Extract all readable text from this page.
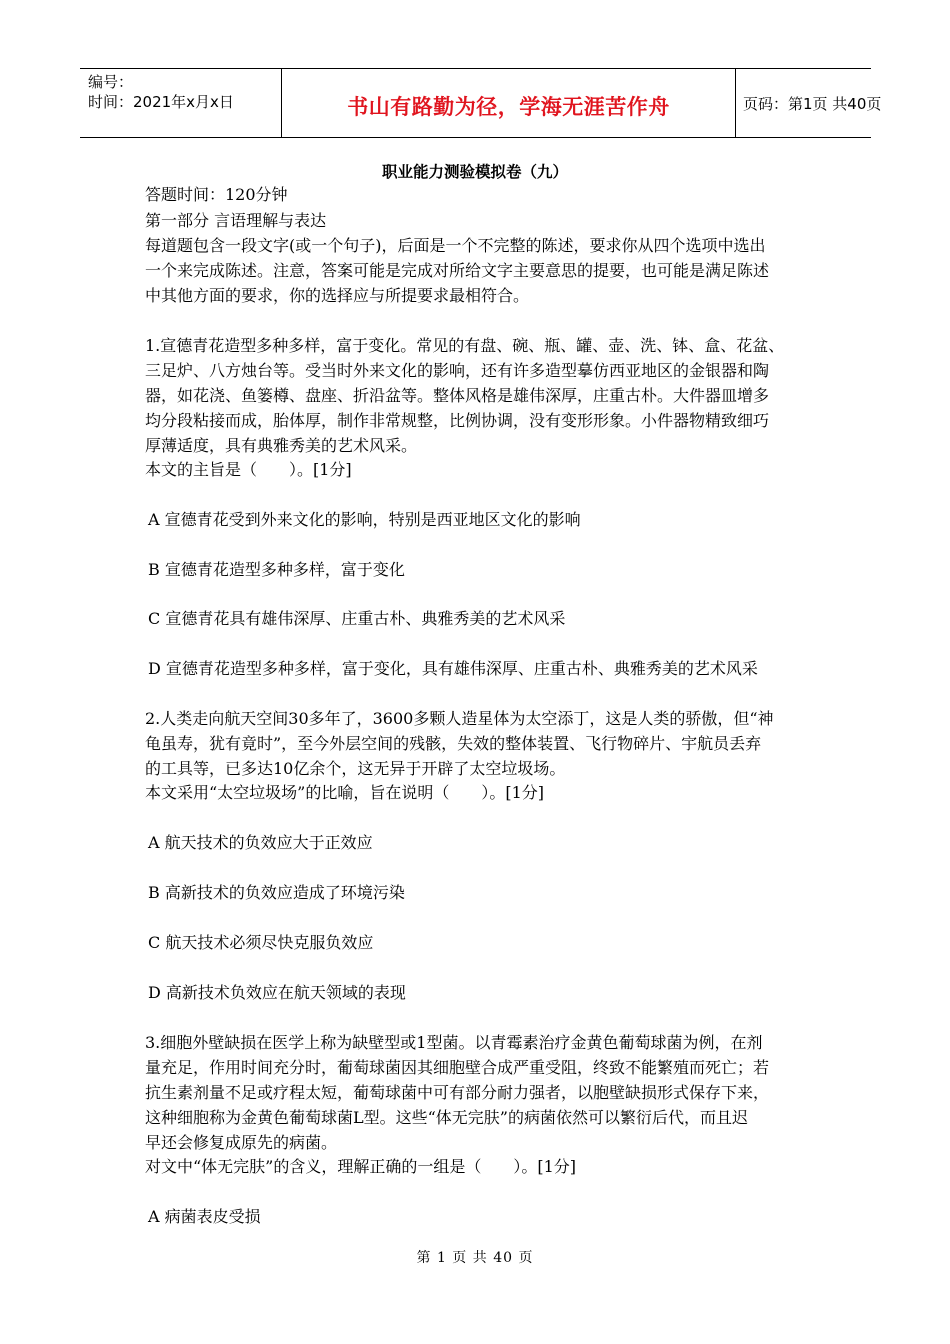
编号：
时间：2021年x月x日	书山有路勤为径，学海无涯苦作舟	页码：第1页 共40页
职业能力测验模拟卷（九）
答题时间：120分钟
第一部分 言语理解与表达
每道题包含一段文字(或一个句子)，后面是一个不完整的陈述，要求你从四个选项中选出
一个来完成陈述。注意，答案可能是完成对所给文字主要意思的提要，也可能是满足陈述
中其他方面的要求，你的选择应与所提要求最相符合。
1.宣德青花造型多种多样，富于变化。常见的有盘、碗、瓶、罐、壶、洗、钵、盒、花盆、
三足炉、八方烛台等。受当时外来文化的影响，还有许多造型摹仿西亚地区的金银器和陶
器，如花浇、鱼篓樽、盘座、折沿盆等。整体风格是雄伟深厚，庄重古朴。大件器皿增多
均分段粘接而成，胎体厚，制作非常规整，比例协调，没有变形形象。小件器物精致细巧
厚薄适度，具有典雅秀美的艺术风采。
本文的主旨是（　　）。[1分]
A 宣德青花受到外来文化的影响，特别是西亚地区文化的影响
B 宣德青花造型多种多样，富于变化
C 宣德青花具有雄伟深厚、庄重古朴、典雅秀美的艺术风采
D 宣德青花造型多种多样，富于变化，具有雄伟深厚、庄重古朴、典雅秀美的艺术风采
2.人类走向航天空间30多年了，3600多颗人造星体为太空添丁，这是人类的骄傲，但“神
龟虽寿，犹有竟时”，至今外层空间的残骸，失效的整体装置、飞行物碎片、宇航员丢弃
的工具等，已多达10亿余个，这无异于开辟了太空垃圾场。
本文采用“太空垃圾场”的比喻，旨在说明（　　）。[1分]
A 航天技术的负效应大于正效应
B 高新技术的负效应造成了环境污染
C 航天技术必须尽快克服负效应
D 高新技术负效应在航天领域的表现
3.细胞外壁缺损在医学上称为缺壁型或1型菌。以青霉素治疗金黄色葡萄球菌为例，在剂
量充足，作用时间充分时，葡萄球菌因其细胞壁合成严重受阻，终致不能繁殖而死亡；若
抗生素剂量不足或疗程太短，葡萄球菌中可有部分耐力强者，以胞壁缺损形式保存下来，
这种细胞称为金黄色葡萄球菌L型。这些“体无完肤”的病菌依然可以繁衍后代，而且迟
早还会修复成原先的病菌。
对文中“体无完肤”的含义，理解正确的一组是（　　）。[1分]
A 病菌表皮受损
第 1 页 共 40 页
